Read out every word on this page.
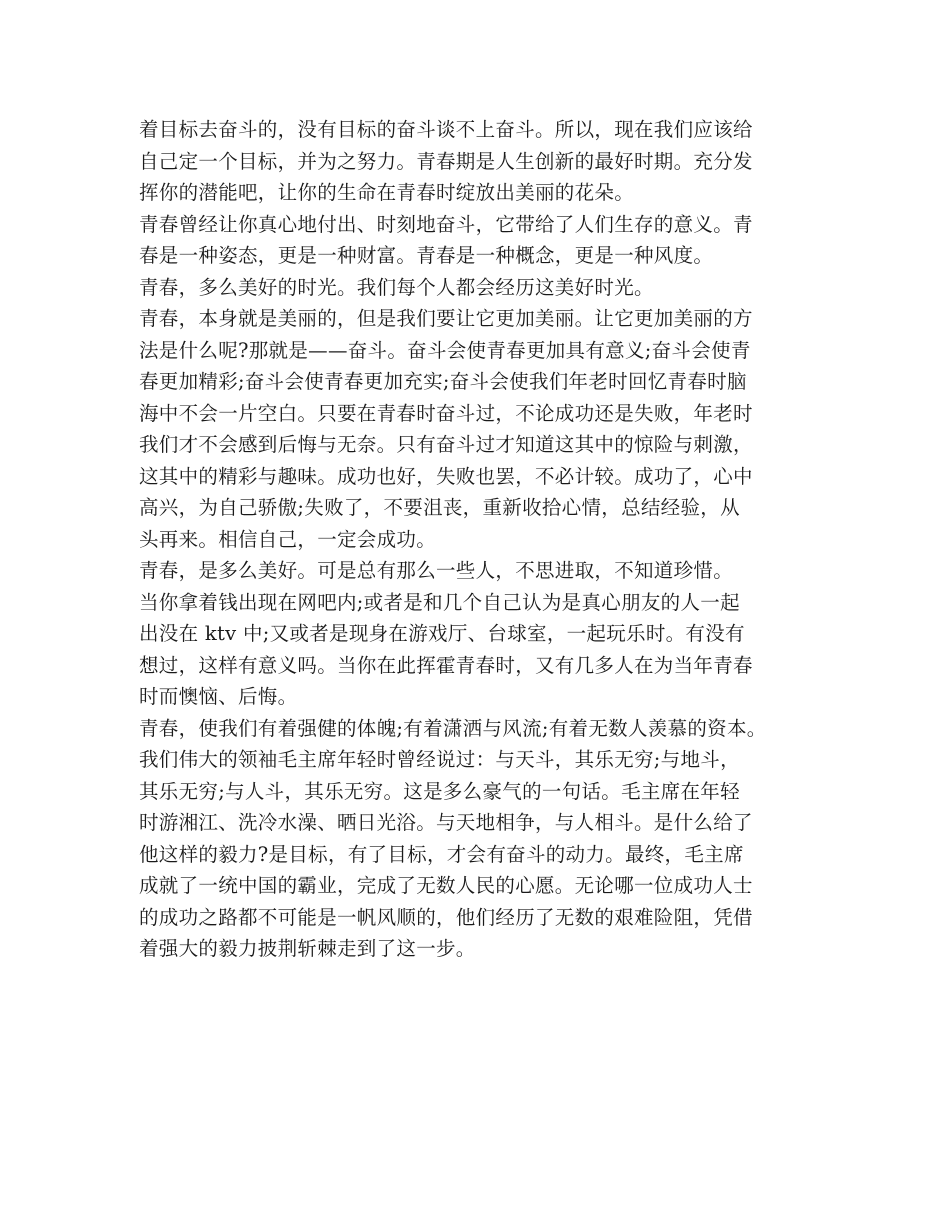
着目标去奋斗的，没有目标的奋斗谈不上奋斗。所以，现在我们应该给
自己定一个目标，并为之努力。青春期是人生创新的最好时期。充分发
挥你的潜能吧，让你的生命在青春时绽放出美丽的花朵。
青春曾经让你真心地付出、时刻地奋斗，它带给了人们生存的意义。青
春是一种姿态，更是一种财富。青春是一种概念，更是一种风度。
青春，多么美好的时光。我们每个人都会经历这美好时光。
青春，本身就是美丽的，但是我们要让它更加美丽。让它更加美丽的方
法是什么呢?那就是——奋斗。奋斗会使青春更加具有意义;奋斗会使青
春更加精彩;奋斗会使青春更加充实;奋斗会使我们年老时回忆青春时脑
海中不会一片空白。只要在青春时奋斗过，不论成功还是失败，年老时
我们才不会感到后悔与无奈。只有奋斗过才知道这其中的惊险与刺激，
这其中的精彩与趣味。成功也好，失败也罢，不必计较。成功了，心中
高兴，为自己骄傲;失败了，不要沮丧，重新收拾心情，总结经验，从
头再来。相信自己，一定会成功。
青春，是多么美好。可是总有那么一些人，不思进取，不知道珍惜。
当你拿着钱出现在网吧内;或者是和几个自己认为是真心朋友的人一起
出没在 ktv 中;又或者是现身在游戏厅、台球室，一起玩乐时。有没有
想过，这样有意义吗。当你在此挥霍青春时，又有几多人在为当年青春
时而懊恼、后悔。
青春，使我们有着强健的体魄;有着潇洒与风流;有着无数人羡慕的资本。
我们伟大的领袖毛主席年轻时曾经说过：与天斗，其乐无穷;与地斗，
其乐无穷;与人斗，其乐无穷。这是多么豪气的一句话。毛主席在年轻
时游湘江、洗冷水澡、晒日光浴。与天地相争，与人相斗。是什么给了
他这样的毅力?是目标，有了目标，才会有奋斗的动力。最终，毛主席
成就了一统中国的霸业，完成了无数人民的心愿。无论哪一位成功人士
的成功之路都不可能是一帆风顺的，他们经历了无数的艰难险阻，凭借
着强大的毅力披荆斩棘走到了这一步。
